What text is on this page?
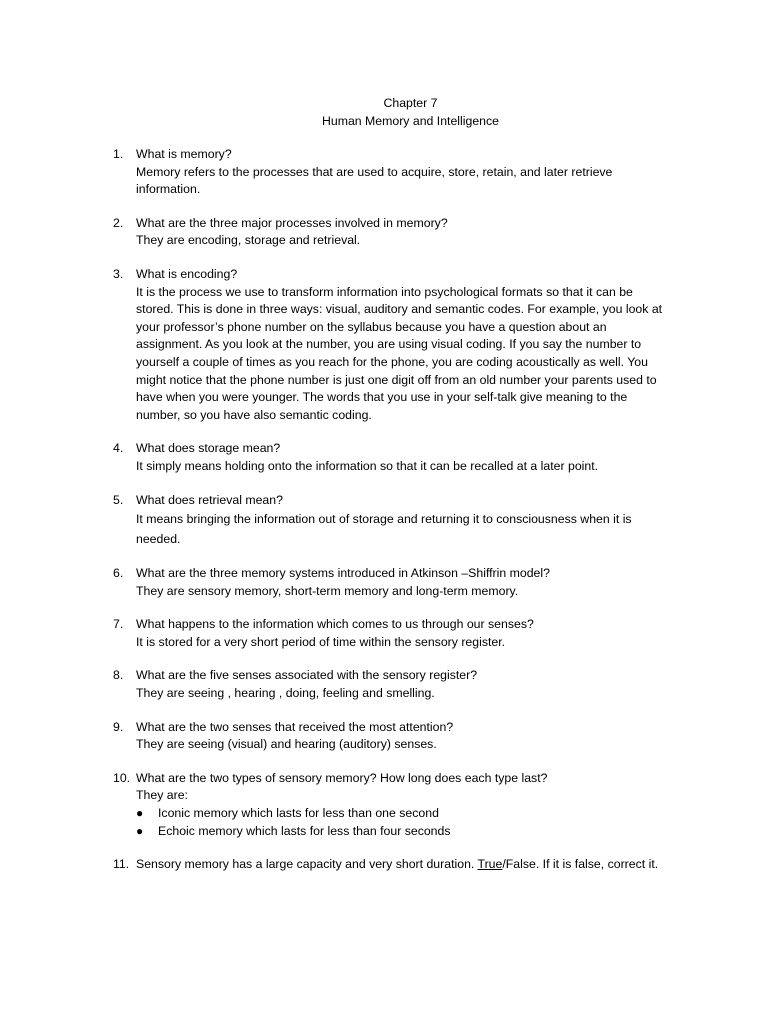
Chapter 7
Human Memory and Intelligence
1.	What is memory?
Memory refers to the processes that are used to acquire, store, retain, and later retrieve information.
2.	What are the three major processes involved in memory?
They are encoding, storage and retrieval.
3.	What is encoding?
It is the process we use to transform information into psychological formats so that it can be stored. This is done in three ways: visual, auditory and semantic codes. For example, you look at your professor’s phone number on the syllabus because you have a question about an assignment. As you look at the number, you are using visual coding. If you say the number to yourself a couple of times as you reach for the phone, you are coding acoustically as well. You might notice that the phone number is just one digit off from an old number your parents used to have when you were younger. The words that you use in your self-talk give meaning to the number, so you have also semantic coding.
4.	What does storage mean?
It simply means holding onto the information so that it can be recalled at a later point.
5.	What does retrieval mean?
It means bringing the information out of storage and returning it to consciousness when it is needed.
6.	What are the three memory systems introduced in Atkinson –Shiffrin model?
They are sensory memory, short-term memory and long-term memory.
7.	What happens to the information which comes to us through our senses?
It is stored for a very short period of time within the sensory register.
8.	What are the five senses associated with the sensory register?
They are seeing , hearing , doing, feeling and smelling.
9.	What are the two senses that received the most attention?
They are seeing (visual) and hearing (auditory) senses.
10. What are the two types of sensory memory? How long does each type last?
They are:
●	Iconic memory which lasts for less than one second
●	Echoic memory which lasts for less than four seconds
11. Sensory memory has a large capacity and very short duration. True/False. If it is false, correct it.
